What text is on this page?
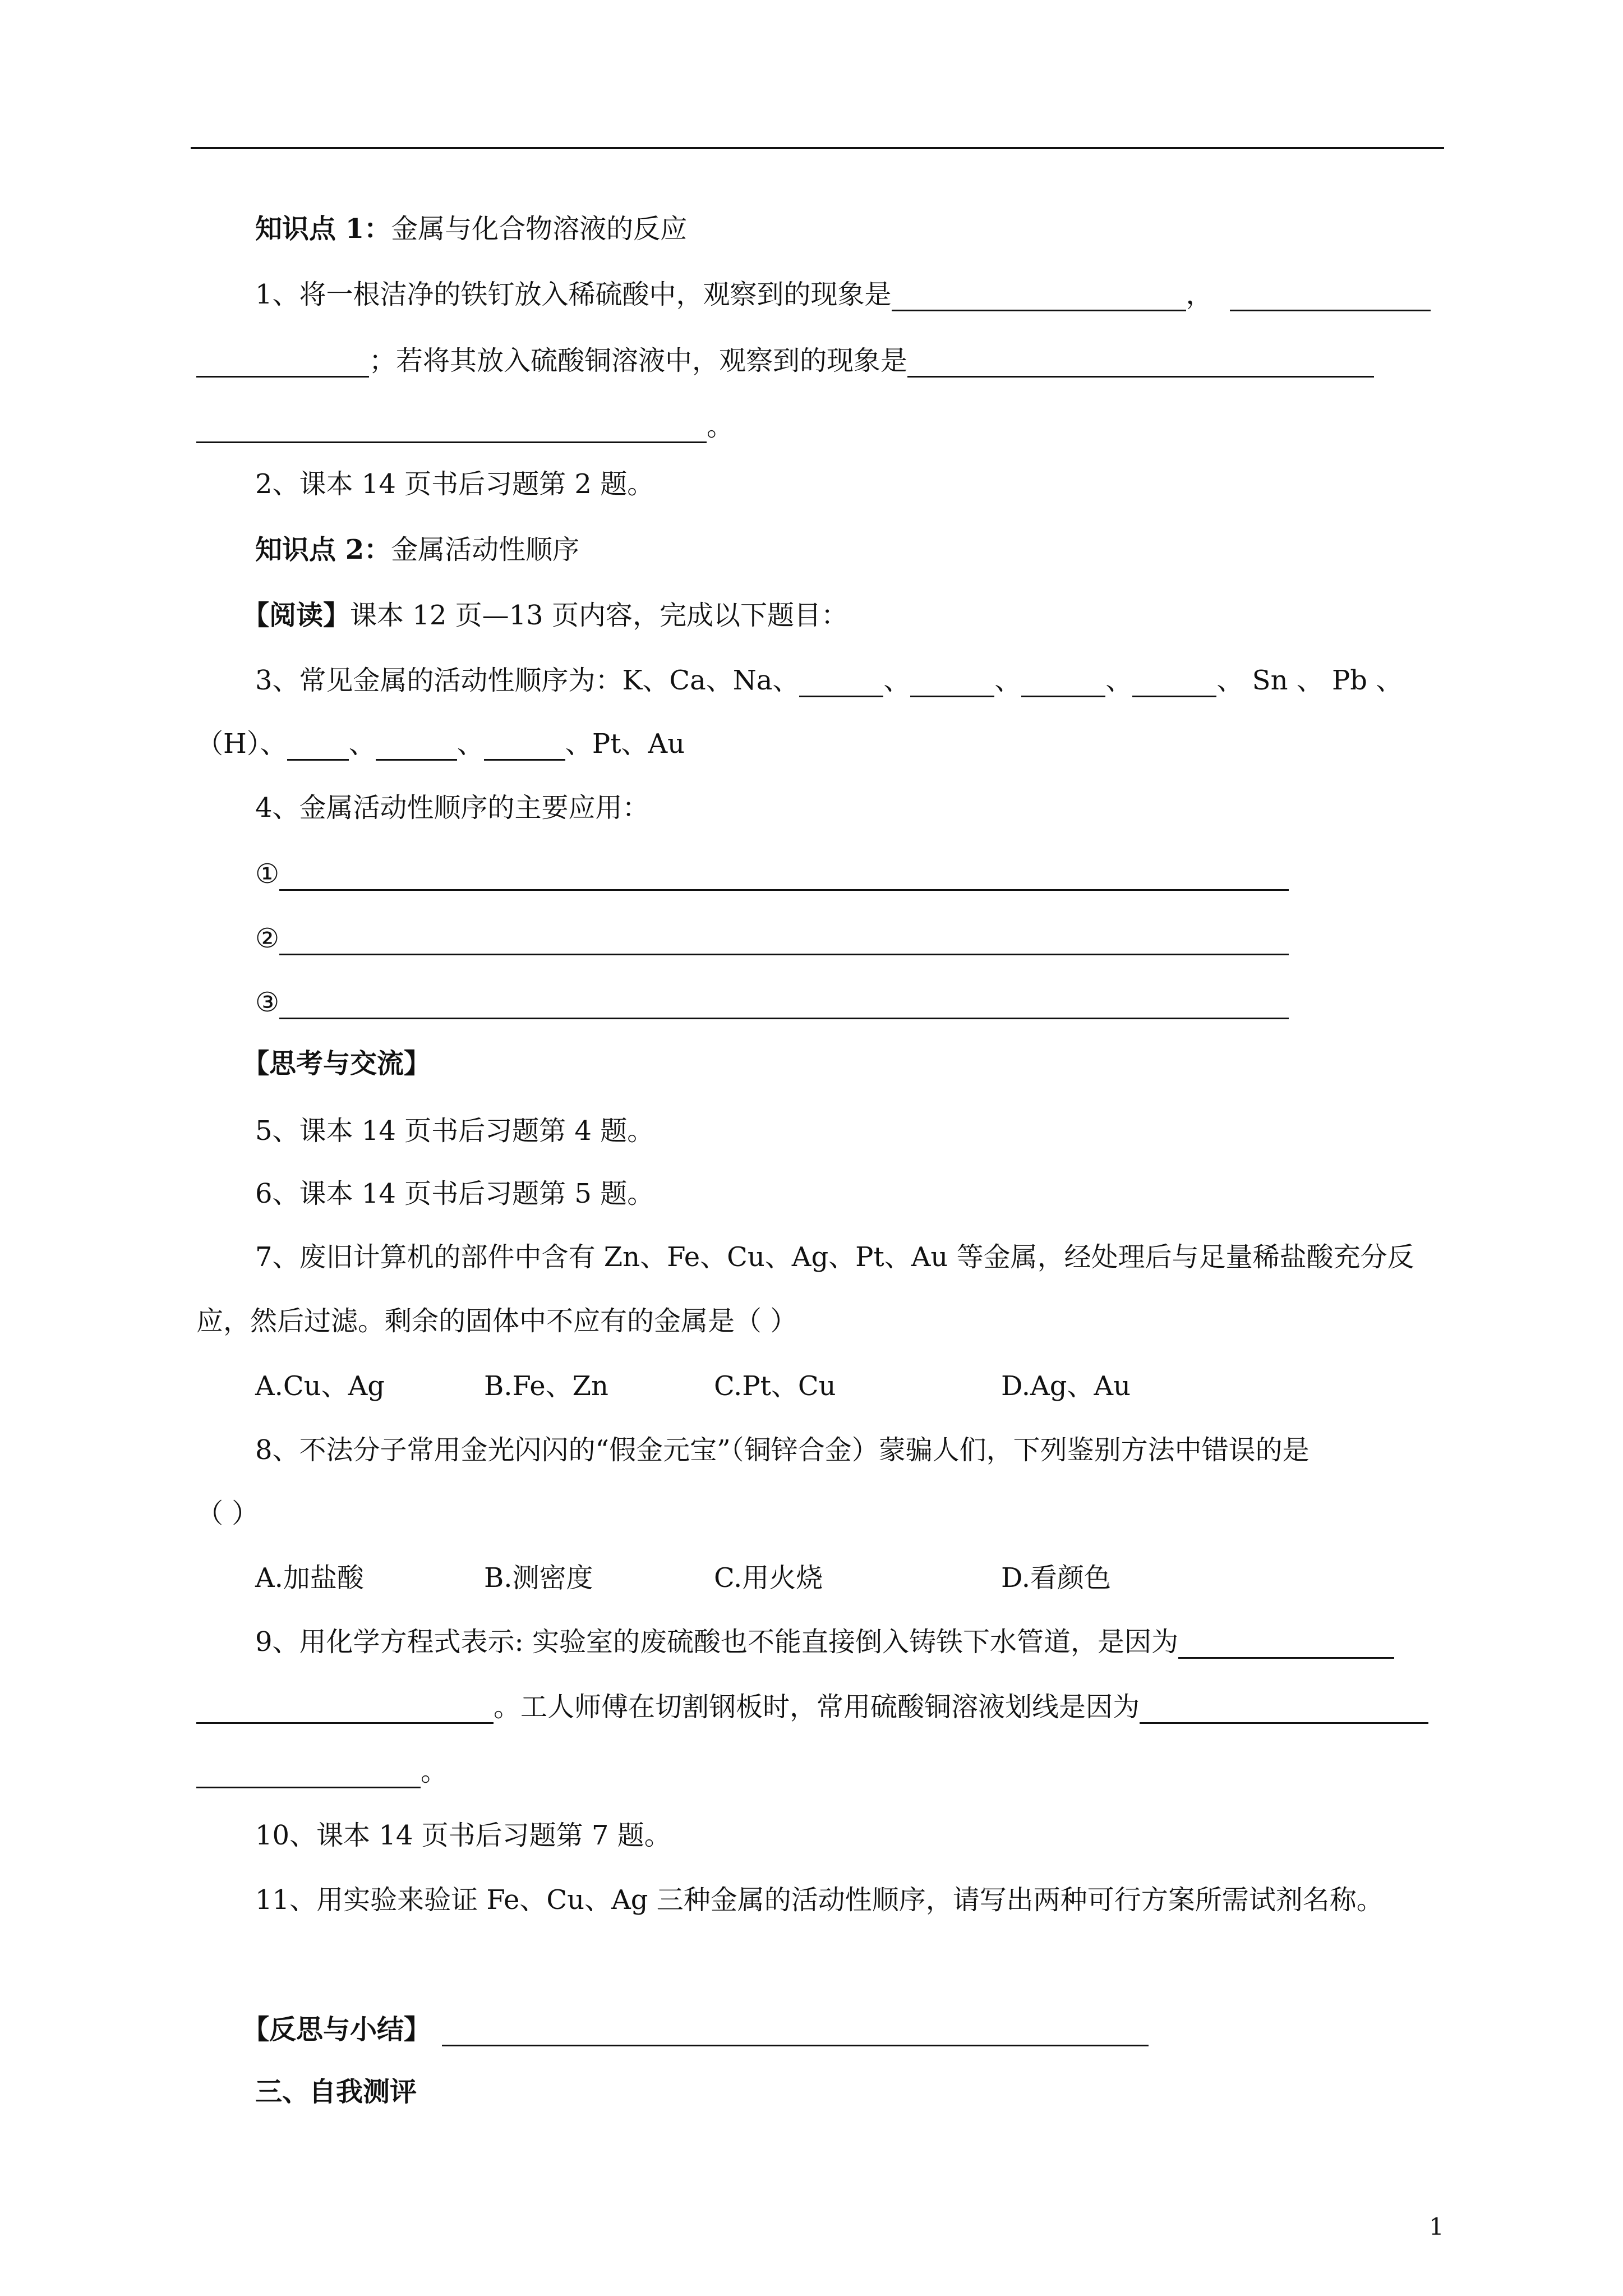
知识点 1：金属与化合物溶液的反应
1、将一根洁净的铁钉放入稀硫酸中，观察到的现象是	，
；若将其放入硫酸铜溶液中，观察到的现象是
。
2、课本 14 页书后习题第 2 题。
知识点 2：金属活动性顺序
【阅读】课本 12 页—13 页内容，完成以下题目：
3、常见金属的活动性顺序为：K、Ca、Na、	、	、	、	、 Sn 、 Pb 、
（H）、 、	、	、Pt、Au
4、金属活动性顺序的主要应用：
①
②
③
【思考与交流】
5、课本 14 页书后习题第 4 题。
6、课本 14 页书后习题第 5 题。
7、废旧计算机的部件中含有 Zn、Fe、Cu、Ag、Pt、Au 等金属，经处理后与足量稀盐酸充分反
应，然后过滤。剩余的固体中不应有的金属是（ ）
A.Cu、Ag	B.Fe、Zn	C.Pt、Cu	D.Ag、Au
8、不法分子常用金光闪闪的“假金元宝”（铜锌合金）蒙骗人们，下列鉴别方法中错误的是
（ ）
A.加盐酸	B.测密度	C.用火烧	D.看颜色
9、用化学方程式表示: 实验室的废硫酸也不能直接倒入铸铁下水管道，是因为
。工人师傅在切割钢板时，常用硫酸铜溶液划线是因为
。
10、课本 14 页书后习题第 7 题。
11、用实验来验证 Fe、Cu、Ag 三种金属的活动性顺序，请写出两种可行方案所需试剂名称。
【反思与小结】
三、自我测评
1
